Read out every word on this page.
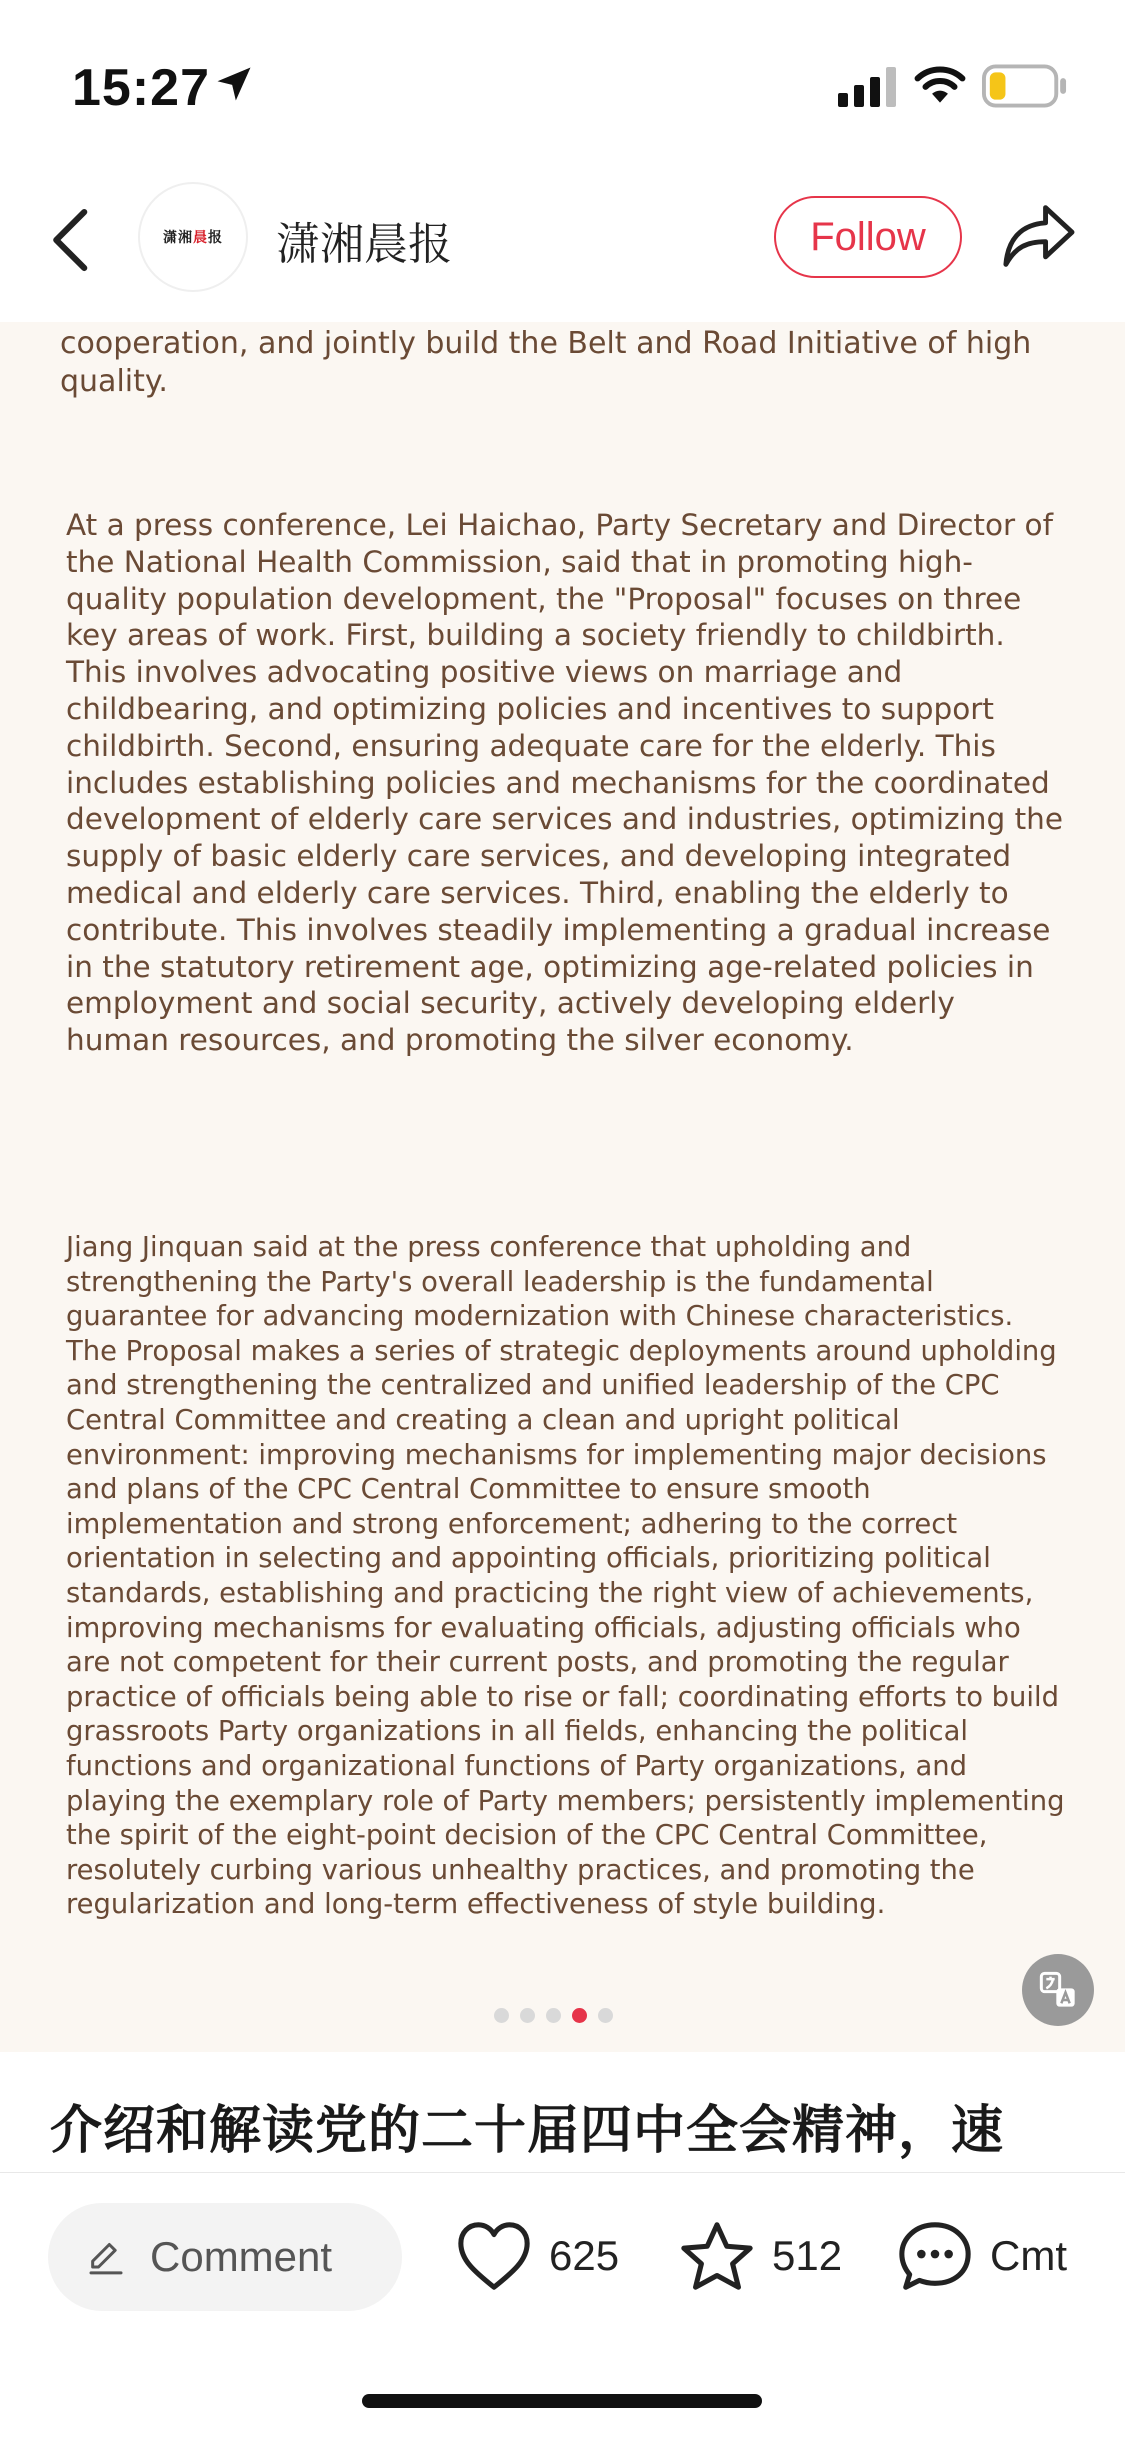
15:27
潇湘晨报 潇湘晨报	Follow

cooperation, and jointly build the Belt and Road Initiative of high quality.

At a press conference, Lei Haichao, Party Secretary and Director of the National Health Commission, said that in promoting high-quality population development, the "Proposal" focuses on three key areas of work. First, building a society friendly to childbirth. This involves advocating positive views on marriage and childbearing, and optimizing policies and incentives to support childbirth. Second, ensuring adequate care for the elderly. This includes establishing policies and mechanisms for the coordinated development of elderly care services and industries, optimizing the supply of basic elderly care services, and developing integrated medical and elderly care services. Third, enabling the elderly to contribute. This involves steadily implementing a gradual increase in the statutory retirement age, optimizing age-related policies in employment and social security, actively developing elderly human resources, and promoting the silver economy.

Jiang Jinquan said at the press conference that upholding and strengthening the Party's overall leadership is the fundamental guarantee for advancing modernization with Chinese characteristics. The Proposal makes a series of strategic deployments around upholding and strengthening the centralized and unified leadership of the CPC Central Committee and creating a clean and upright political environment: improving mechanisms for implementing major decisions and plans of the CPC Central Committee to ensure smooth implementation and strong enforcement; adhering to the correct orientation in selecting and appointing officials, prioritizing political standards, establishing and practicing the right view of achievements, improving mechanisms for evaluating officials, adjusting officials who are not competent for their current posts, and promoting the regular practice of officials being able to rise or fall; coordinating efforts to build grassroots Party organizations in all fields, enhancing the political functions and organizational functions of Party organizations, and playing the exemplary role of Party members; persistently implementing the spirit of the eight-point decision of the CPC Central Committee, resolutely curbing various unhealthy practices, and promoting the regularization and long-term effectiveness of style building.

介绍和解读党的二十届四中全会精神，速
Comment	625	512	Cmt
